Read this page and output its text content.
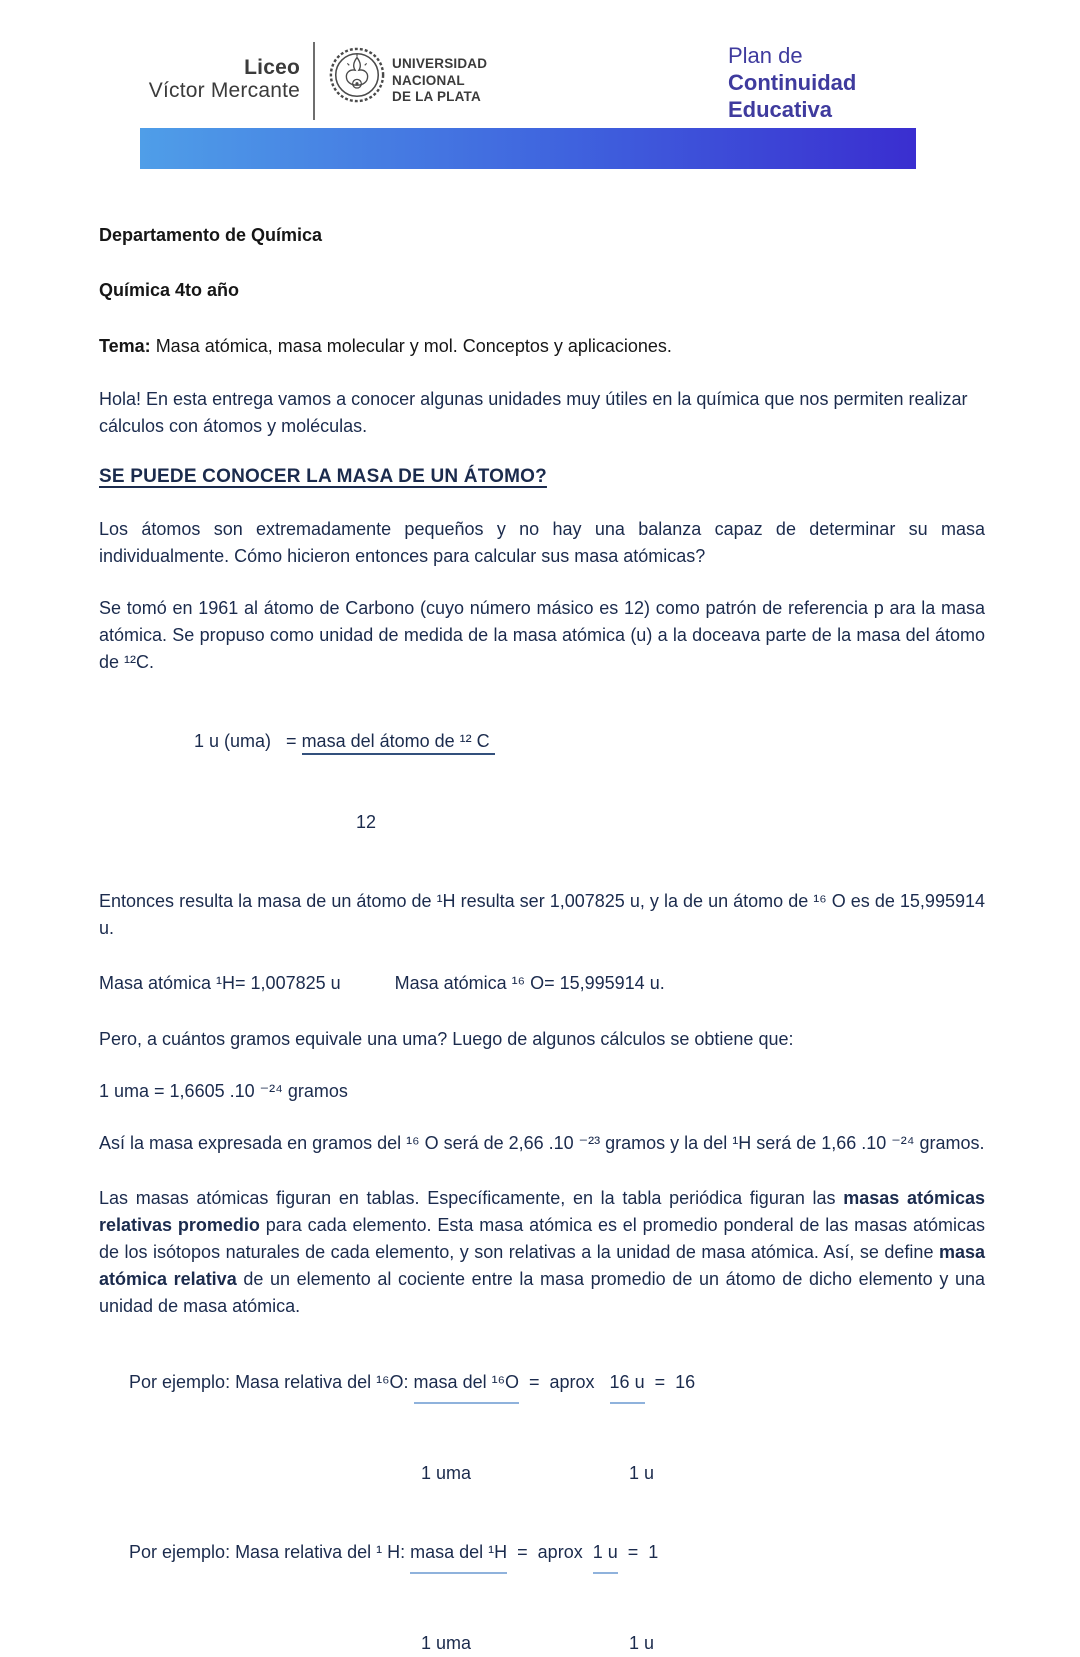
Liceo
Víctor Mercante
UNIVERSIDAD
NACIONAL
DE LA PLATA
Plan de
Continuidad
Educativa

Departamento de Química

Química 4to año

Tema: Masa atómica, masa molecular y mol. Conceptos y aplicaciones.

Hola! En esta entrega vamos a conocer algunas unidades muy útiles en la química que nos permiten realizar cálculos con átomos y moléculas.

SE PUEDE CONOCER LA MASA DE UN ÁTOMO?

Los átomos son extremadamente pequeños y no hay una balanza capaz de determinar su masa individualmente. Cómo hicieron entonces para calcular sus masa atómicas?

Se tomó en 1961 al átomo de Carbono (cuyo número másico es 12) como patrón de referencia p ara la masa atómica. Se propuso como unidad de medida de la masa atómica (u) a la doceava parte de la masa del átomo de ¹²C.

1 u (uma)   = masa del átomo de ¹² C

12

Entonces resulta la masa de un átomo de ¹H resulta ser 1,007825 u, y la de un átomo de ¹⁶ O es de 15,995914 u.

Masa atómica ¹H= 1,007825 u	Masa atómica ¹⁶ O= 15,995914 u.

Pero, a cuántos gramos equivale una uma? Luego de algunos cálculos se obtiene que:

1 uma = 1,6605 .10 ⁻²⁴ gramos

Así la masa expresada en gramos del ¹⁶ O será de 2,66 .10 ⁻²³ gramos y la del ¹H será de 1,66 .10 ⁻²⁴ gramos.

Las masas atómicas figuran en tablas. Específicamente, en la tabla periódica figuran las masas atómicas relativas promedio para cada elemento. Esta masa atómica es el promedio ponderal de las masas atómicas de los isótopos naturales de cada elemento, y son relativas a la unidad de masa atómica. Así, se define masa atómica relativa de un elemento al cociente entre la masa promedio de un átomo de dicho elemento y una unidad de masa atómica.

Por ejemplo: Masa relativa del ¹⁶O: masa del ¹⁶O  =  aprox   16 u  =  16

1 uma	1 u

Por ejemplo: Masa relativa del ¹ H: masa del ¹H  =  aprox  1 u  =  1

1 uma	1 u
